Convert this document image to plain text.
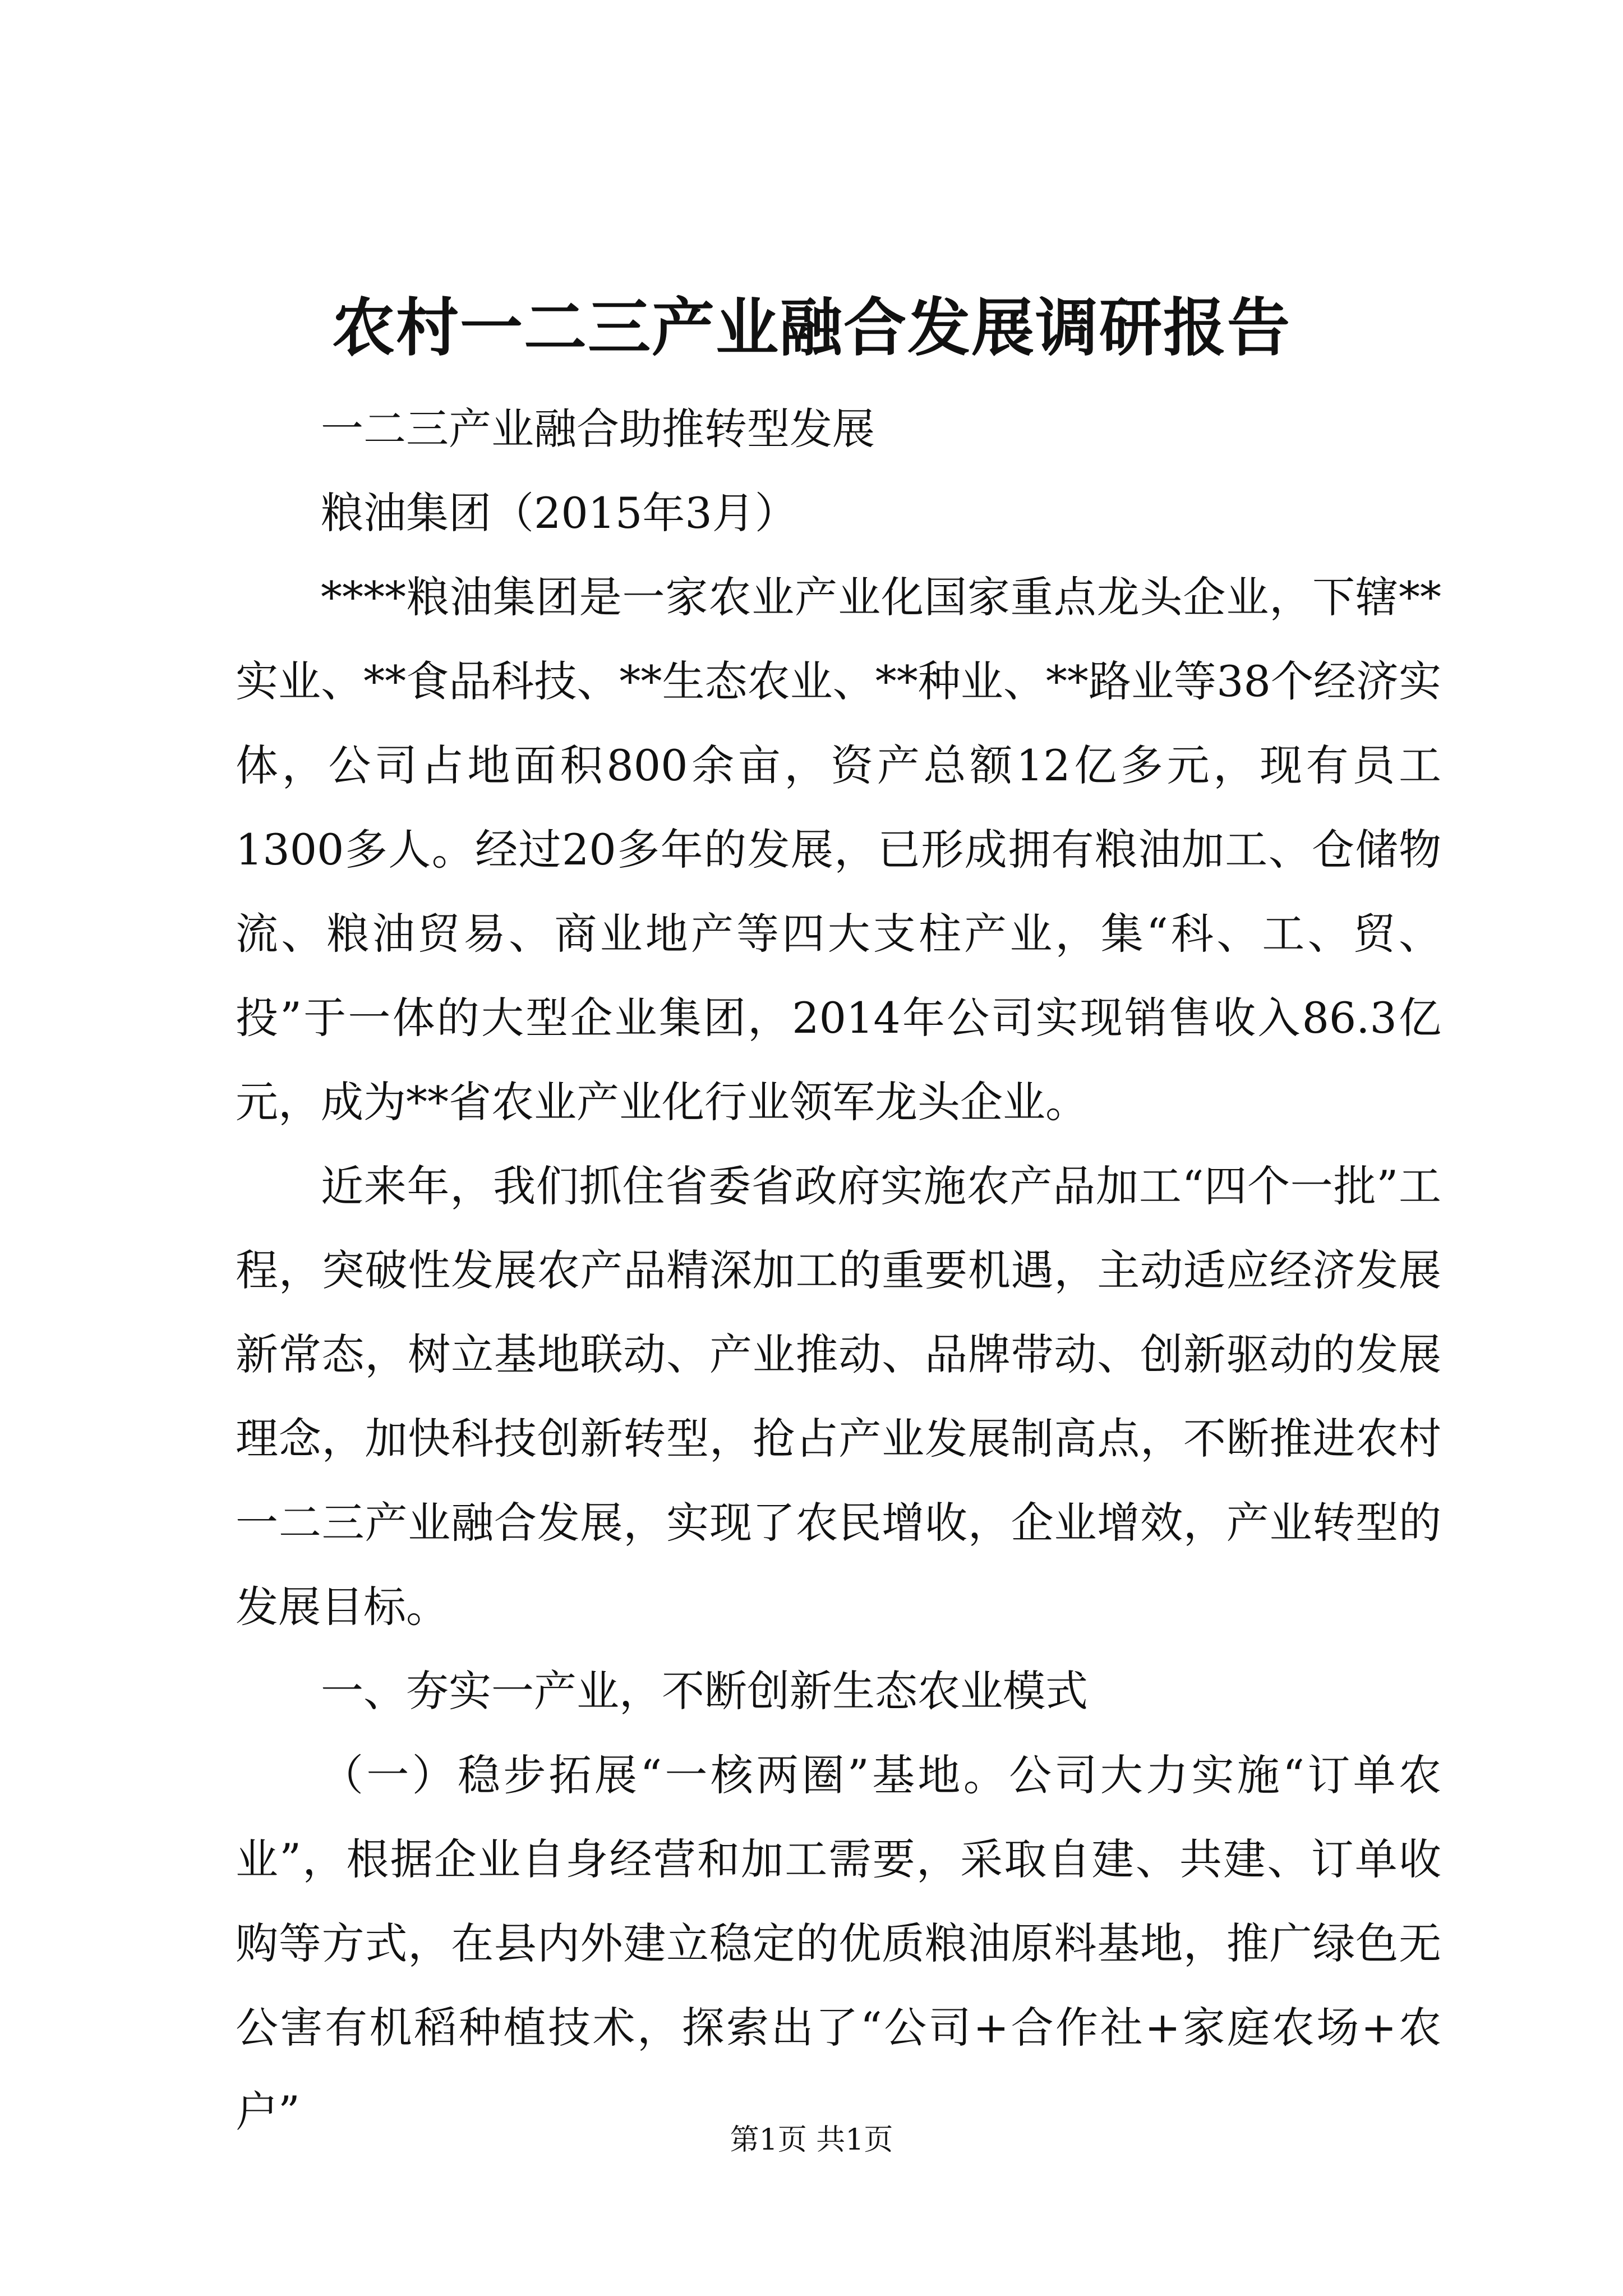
农村一二三产业融合发展调研报告

一二三产业融合助推转型发展

粮油集团（2015年3月）

****粮油集团是一家农业产业化国家重点龙头企业，下辖**实业、**食品科技、**生态农业、**种业、**路业等38个经济实体，公司占地面积800余亩，资产总额12亿多元，现有员工1300多人。经过20多年的发展，已形成拥有粮油加工、仓储物流、粮油贸易、商业地产等四大支柱产业，集“科、工、贸、投”于一体的大型企业集团，2014年公司实现销售收入86.3亿元，成为**省农业产业化行业领军龙头企业。

近来年，我们抓住省委省政府实施农产品加工“四个一批”工程，突破性发展农产品精深加工的重要机遇，主动适应经济发展新常态，树立基地联动、产业推动、品牌带动、创新驱动的发展理念，加快科技创新转型，抢占产业发展制高点，不断推进农村一二三产业融合发展，实现了农民增收，企业增效，产业转型的发展目标。

一、夯实一产业，不断创新生态农业模式

（一）稳步拓展“一核两圈”基地。公司大力实施“订单农业”，根据企业自身经营和加工需要，采取自建、共建、订单收购等方式，在县内外建立稳定的优质粮油原料基地，推广绿色无公害有机稻种植技术，探索出了“公司+合作社+家庭农场+农户”

第1页 共1页
